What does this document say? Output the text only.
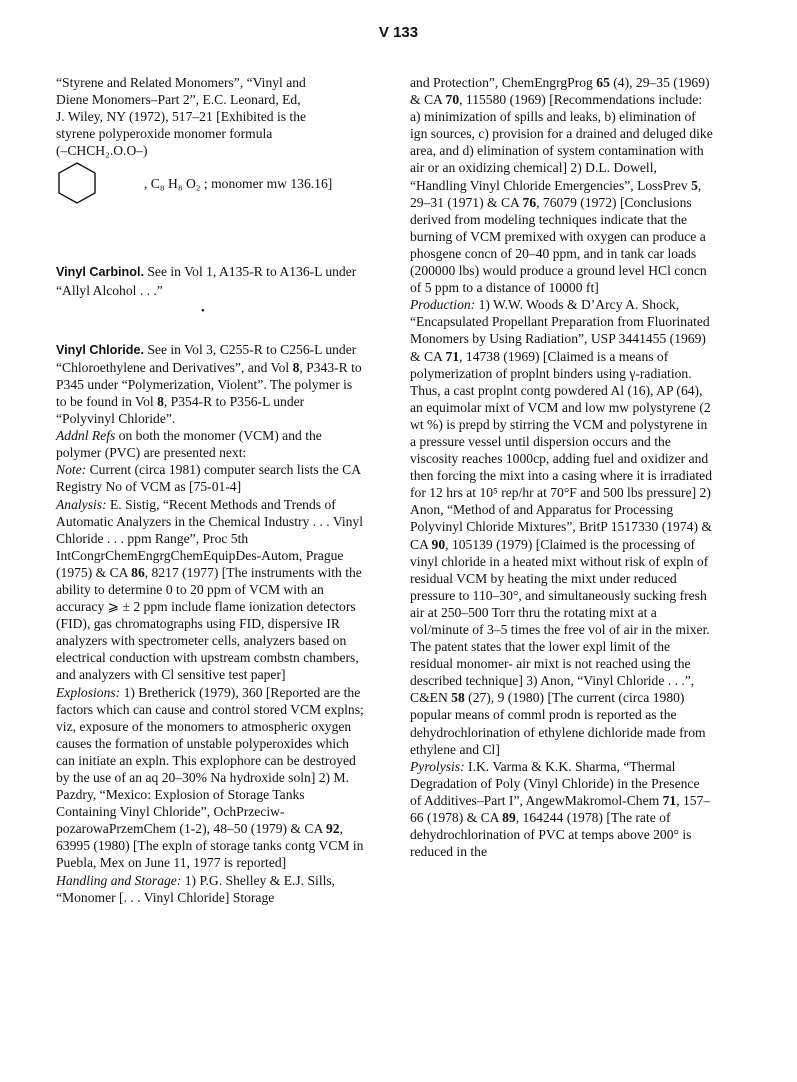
V 133

“Styrene and Related Monomers”, “Vinyl and

Diene Monomers–Part 2”, E.C. Leonard, Ed,

J. Wiley, NY (1972), 517–21 [Exhibited is the

styrene polyperoxide monomer formula

(–CHCH₂.O.O–)

, C₈ H₈ O₂ ; monomer mw 136.16]

Vinyl Carbinol. See in Vol 1, A135-R to A136-L under “Allyl Alcohol . . .”

•

Vinyl Chloride. See in Vol 3, C255-R to C256-L under “Chloroethylene and Derivatives”, and Vol 8, P343-R to P345 under “Polymerization, Violent”. The polymer is to be found in Vol 8, P354-R to P356-L under “Polyvinyl Chloride”.

Addnl Refs on both the monomer (VCM) and the polymer (PVC) are presented next:

Note: Current (circa 1981) computer search lists the CA Registry No of VCM as [75-01-4]

Analysis: E. Sistig, “Recent Methods and Trends of Automatic Analyzers in the Chemical Industry . . . Vinyl Chloride . . . ppm Range”, Proc 5th IntCongrChemEngrgChemEquipDes-Autom, Prague (1975) & CA 86, 8217 (1977) [The instruments with the ability to determine 0 to 20 ppm of VCM with an accuracy ⩾ ± 2 ppm include flame ionization detectors (FID), gas chromatographs using FID, dispersive IR analyzers with spectrometer cells, analyzers based on electrical conduction with upstream combstn chambers, and analyzers with Cl sensitive test paper]

Explosions: 1) Bretherick (1979), 360 [Reported are the factors which can cause and control stored VCM explns; viz, exposure of the monomers to atmospheric oxygen causes the formation of unstable polyperoxides which can initiate an expln. This explophore can be destroyed by the use of an aq 20–30% Na hydroxide soln] 2) M. Pazdry, “Mexico: Explosion of Storage Tanks Containing Vinyl Chloride”, OchPrzeciw-pozarowaPrzemChem (1-2), 48–50 (1979) & CA 92, 63995 (1980) [The expln of storage tanks contg VCM in Puebla, Mex on June 11, 1977 is reported]

Handling and Storage: 1) P.G. Shelley & E.J. Sills, “Monomer [. . . Vinyl Chloride] Storage

and Protection”, ChemEngrgProg 65 (4), 29–35 (1969) & CA 70, 115580 (1969) [Recommendations include: a) minimization of spills and leaks, b) elimination of ign sources, c) provision for a drained and deluged dike area, and d) elimination of system contamination with air or an oxidizing chemical] 2) D.L. Dowell, “Handling Vinyl Chloride Emergencies”, LossPrev 5, 29–31 (1971) & CA 76, 76079 (1972) [Conclusions derived from modeling techniques indicate that the burning of VCM premixed with oxygen can produce a phosgene concn of 20–40 ppm, and in tank car loads (200000 lbs) would produce a ground level HCl concn of 5 ppm to a distance of 10000 ft]

Production: 1) W.W. Woods & D’Arcy A. Shock, “Encapsulated Propellant Preparation from Fluorinated Monomers by Using Radiation”, USP 3441455 (1969) & CA 71, 14738 (1969) [Claimed is a means of polymerization of proplnt binders using γ-radiation. Thus, a cast proplnt contg powdered Al (16), AP (64), an equimolar mixt of VCM and low mw polystyrene (2 wt %) is prepd by stirring the VCM and polystyrene in a pressure vessel until dispersion occurs and the viscosity reaches 1000cp, adding fuel and oxidizer and then forcing the mixt into a casing where it is irradiated for 12 hrs at 10⁵ rep/hr at 70°F and 500 lbs pressure] 2) Anon, “Method of and Apparatus for Processing Polyvinyl Chloride Mixtures”, BritP 1517330 (1974) & CA 90, 105139 (1979) [Claimed is the processing of vinyl chloride in a heated mixt without risk of expln of residual VCM by heating the mixt under reduced pressure to 110–30°, and simultaneously sucking fresh air at 250–500 Torr thru the rotating mixt at a vol/minute of 3–5 times the free vol of air in the mixer. The patent states that the lower expl limit of the residual monomer- air mixt is not reached using the described technique] 3) Anon, “Vinyl Chloride . . .”, C&EN 58 (27), 9 (1980) [The current (circa 1980) popular means of comml prodn is reported as the dehydrochlorination of ethylene dichloride made from ethylene and Cl]

Pyrolysis: I.K. Varma & K.K. Sharma, “Thermal Degradation of Poly (Vinyl Chloride) in the Presence of Additives–Part I”, AngewMakromol-Chem 71, 157–66 (1978) & CA 89, 164244 (1978) [The rate of dehydrochlorination of PVC at temps above 200° is reduced in the
